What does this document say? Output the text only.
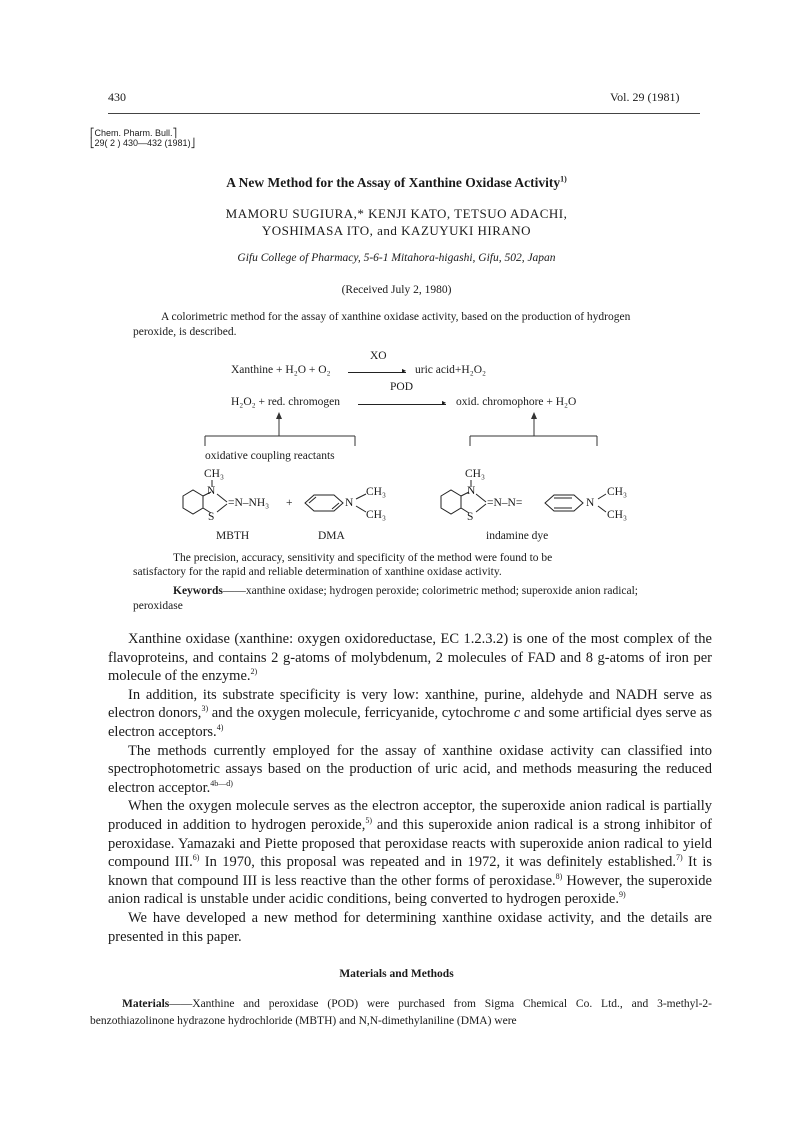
430	Vol. 29 (1981)
⎡Chem. Pharm. Bull.⎤
⎣29( 2 ) 430—432 (1981)⎦
A New Method for the Assay of Xanthine Oxidase Activity$^{1)}$
MAMORU SUGIURA,* KENJI KATO, TETSUO ADACHI,
YOSHIMASA ITO, and KAZUYUKI HIRANO
Gifu College of Pharmacy, 5-6-1 Mitahora-higashi, Gifu, 502, Japan
(Received July 2, 1980)

A colorimetric method for the assay of xanthine oxidase activity, based on the production of hydrogen peroxide, is described.

XO
Xanthine + H₂O + O₂	▸ uric acid+H₂O₂
POD
H₂O₂ + red. chromogen	▸ oxid. chromophore + H₂O
oxidative coupling reactants
CH₃
N
S
=N–NH₃ +	N
CH₃
CH₃
MBTH	DMA
CH₃
N
S
=N–N=	N
CH₃
CH₃
indamine dye
The precision, accuracy, sensitivity and specificity of the method were found to be
satisfactory for the rapid and reliable determination of xanthine oxidase activity.
Keywords——xanthine oxidase; hydrogen peroxide; colorimetric method; superoxide anion radical; peroxidase

Xanthine oxidase (xanthine: oxygen oxidoreductase, EC 1.2.3.2) is one of the most complex of the flavoproteins, and contains 2 g-atoms of molybdenum, 2 molecules of FAD and 8 g-atoms of iron per molecule of the enzyme.$^{2)}$

In addition, its substrate specificity is very low: xanthine, purine, aldehyde and NADH serve as electron donors,$^{3)}$ and the oxygen molecule, ferricyanide, cytochrome c and some artificial dyes serve as electron acceptors.$^{4)}$

The methods currently employed for the assay of xanthine oxidase activity can classified into spectrophotometric assays based on the production of uric acid, and methods measuring the reduced electron acceptor.$^{4b—d)}$

When the oxygen molecule serves as the electron acceptor, the superoxide anion radical is partially produced in addition to hydrogen peroxide,$^{5)}$ and this superoxide anion radical is a strong inhibitor of peroxidase. Yamazaki and Piette proposed that peroxidase reacts with superoxide anion radical to yield compound III.$^{6)}$ In 1970, this proposal was repeated and in 1972, it was definitely established.$^{7)}$ It is known that compound III is less reactive than the other forms of peroxidase.$^{8)}$ However, the superoxide anion radical is unstable under acidic conditions, being converted to hydrogen peroxide.$^{9)}$

We have developed a new method for determining xanthine oxidase activity, and the details are presented in this paper.

Materials and Methods
Materials——Xanthine and peroxidase (POD) were purchased from Sigma Chemical Co. Ltd., and 3-methyl-2-benzothiazolinone hydrazone hydrochloride (MBTH) and N,N-dimethylaniline (DMA) were
